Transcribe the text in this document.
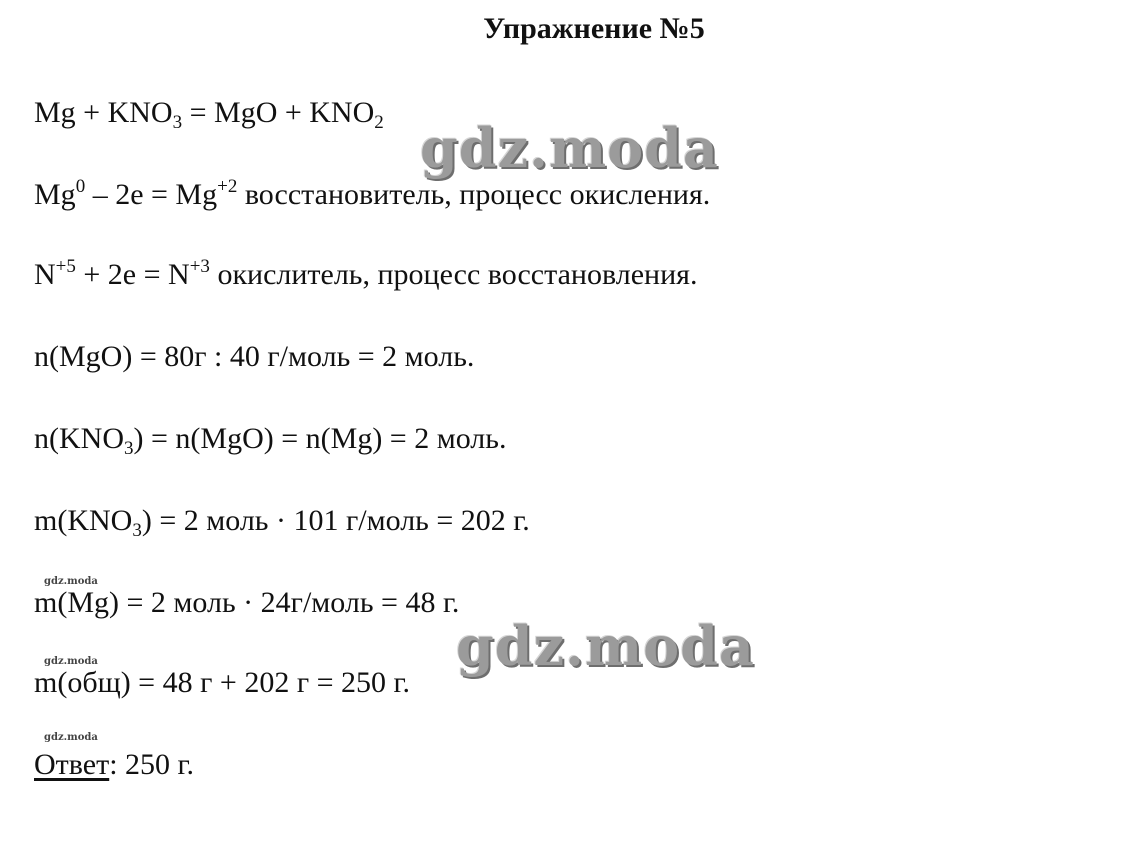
Упражнение №5
$Mg + KNO_3$ = MgO + $KNO_2$
$Mg^0 - 2e = Mg^{+2}$ восстановитель, процесс окисления.
$N^{+5} + 2e = N^{+3}$ окислитель, процесс восстановления.
n(MgO) = 80г : 40 г/моль = 2 моль.
$n(KNO_3) = n(MgO) = n(Mg) = 2$ моль.
$m(KNO_3) = 2$ моль · 101 г/моль = 202 г.
m(Mg) = 2 моль · 24г/моль = 48 г.
m(общ) = 48 г + 202 г = 250 г.
Ответ: 250 г.
gdz.moda
gdz.moda
gdz.moda
gdz.moda
gdz.moda
